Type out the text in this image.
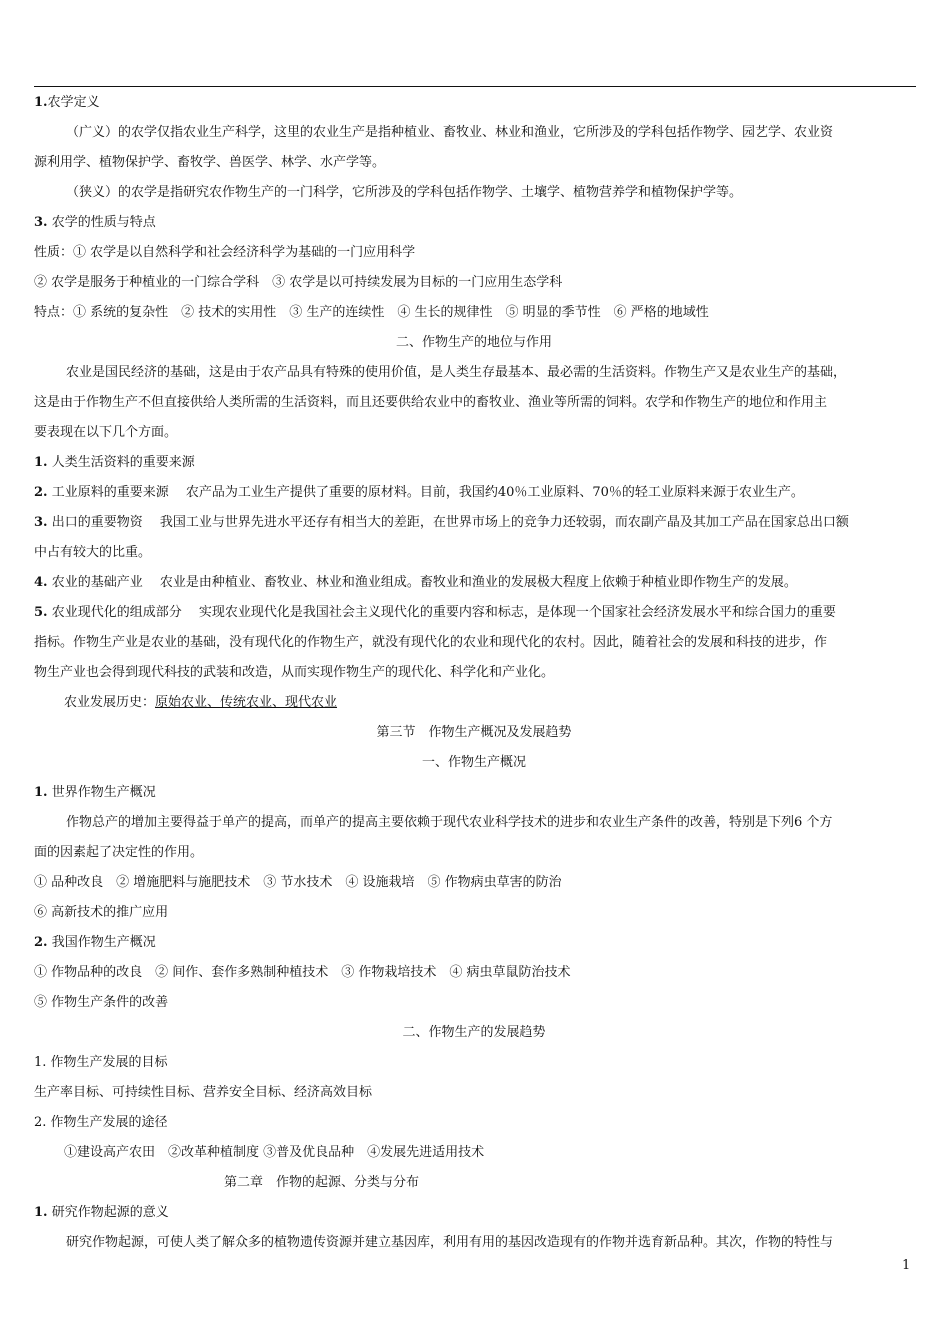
1.农学定义
（广义）的农学仅指农业生产科学，这里的农业生产是指种植业、畜牧业、林业和渔业，它所涉及的学科包括作物学、园艺学、农业资
源利用学、植物保护学、畜牧学、兽医学、林学、水产学等。
（狭义）的农学是指研究农作物生产的一门科学，它所涉及的学科包括作物学、土壤学、植物营养学和植物保护学等。
3. 农学的性质与特点
性质：① 农学是以自然科学和社会经济科学为基础的一门应用科学
② 农学是服务于种植业的一门综合学科　③ 农学是以可持续发展为目标的一门应用生态学科
特点：① 系统的复杂性　② 技术的实用性　③ 生产的连续性　④ 生长的规律性　⑤ 明显的季节性　⑥ 严格的地域性
二、作物生产的地位与作用
农业是国民经济的基础，这是由于农产品具有特殊的使用价值，是人类生存最基本、最必需的生活资料。作物生产又是农业生产的基础，
这是由于作物生产不但直接供给人类所需的生活资料，而且还要供给农业中的畜牧业、渔业等所需的饲料。农学和作物生产的地位和作用主
要表现在以下几个方面。
1. 人类生活资料的重要来源
2. 工业原料的重要来源　 农产品为工业生产提供了重要的原材料。目前，我国约40％工业原料、70％的轻工业原料来源于农业生产。
3. 出口的重要物资　 我国工业与世界先进水平还存有相当大的差距，在世界市场上的竞争力还较弱，而农副产晶及其加工产品在国家总出口额
中占有较大的比重。
4. 农业的基础产业　 农业是由种植业、畜牧业、林业和渔业组成。畜牧业和渔业的发展极大程度上依赖于种植业即作物生产的发展。
5. 农业现代化的组成部分　 实现农业现代化是我国社会主义现代化的重要内容和标志，是体现一个国家社会经济发展水平和综合国力的重要
指标。作物生产业是农业的基础，没有现代化的作物生产，就没有现代化的农业和现代化的农村。因此，随着社会的发展和科技的进步，作
物生产业也会得到现代科技的武装和改造，从而实现作物生产的现代化、科学化和产业化。
农业发展历史：原始农业、传统农业、现代农业
第三节　作物生产概况及发展趋势
一、作物生产概况
1. 世界作物生产概况
作物总产的增加主要得益于单产的提高，而单产的提高主要依赖于现代农业科学技术的进步和农业生产条件的改善，特别是下列6 个方
面的因素起了决定性的作用。
① 品种改良　② 增施肥料与施肥技术　③ 节水技术　④ 设施栽培　⑤ 作物病虫草害的防治
⑥ 高新技术的推广应用
2. 我国作物生产概况
① 作物品种的改良　② 间作、套作多熟制种植技术　③ 作物栽培技术　④ 病虫草鼠防治技术
⑤ 作物生产条件的改善
二、作物生产的发展趋势
1. 作物生产发展的目标
生产率目标、可持续性目标、营养安全目标、经济高效目标
2. 作物生产发展的途径
①建设高产农田　②改革种植制度 ③普及优良品种　④发展先进适用技术
第二章　作物的起源、分类与分布
1. 研究作物起源的意义
研究作物起源，可使人类了解众多的植物遗传资源并建立基因库，利用有用的基因改造现有的作物并选育新品种。其次，作物的特性与
1
